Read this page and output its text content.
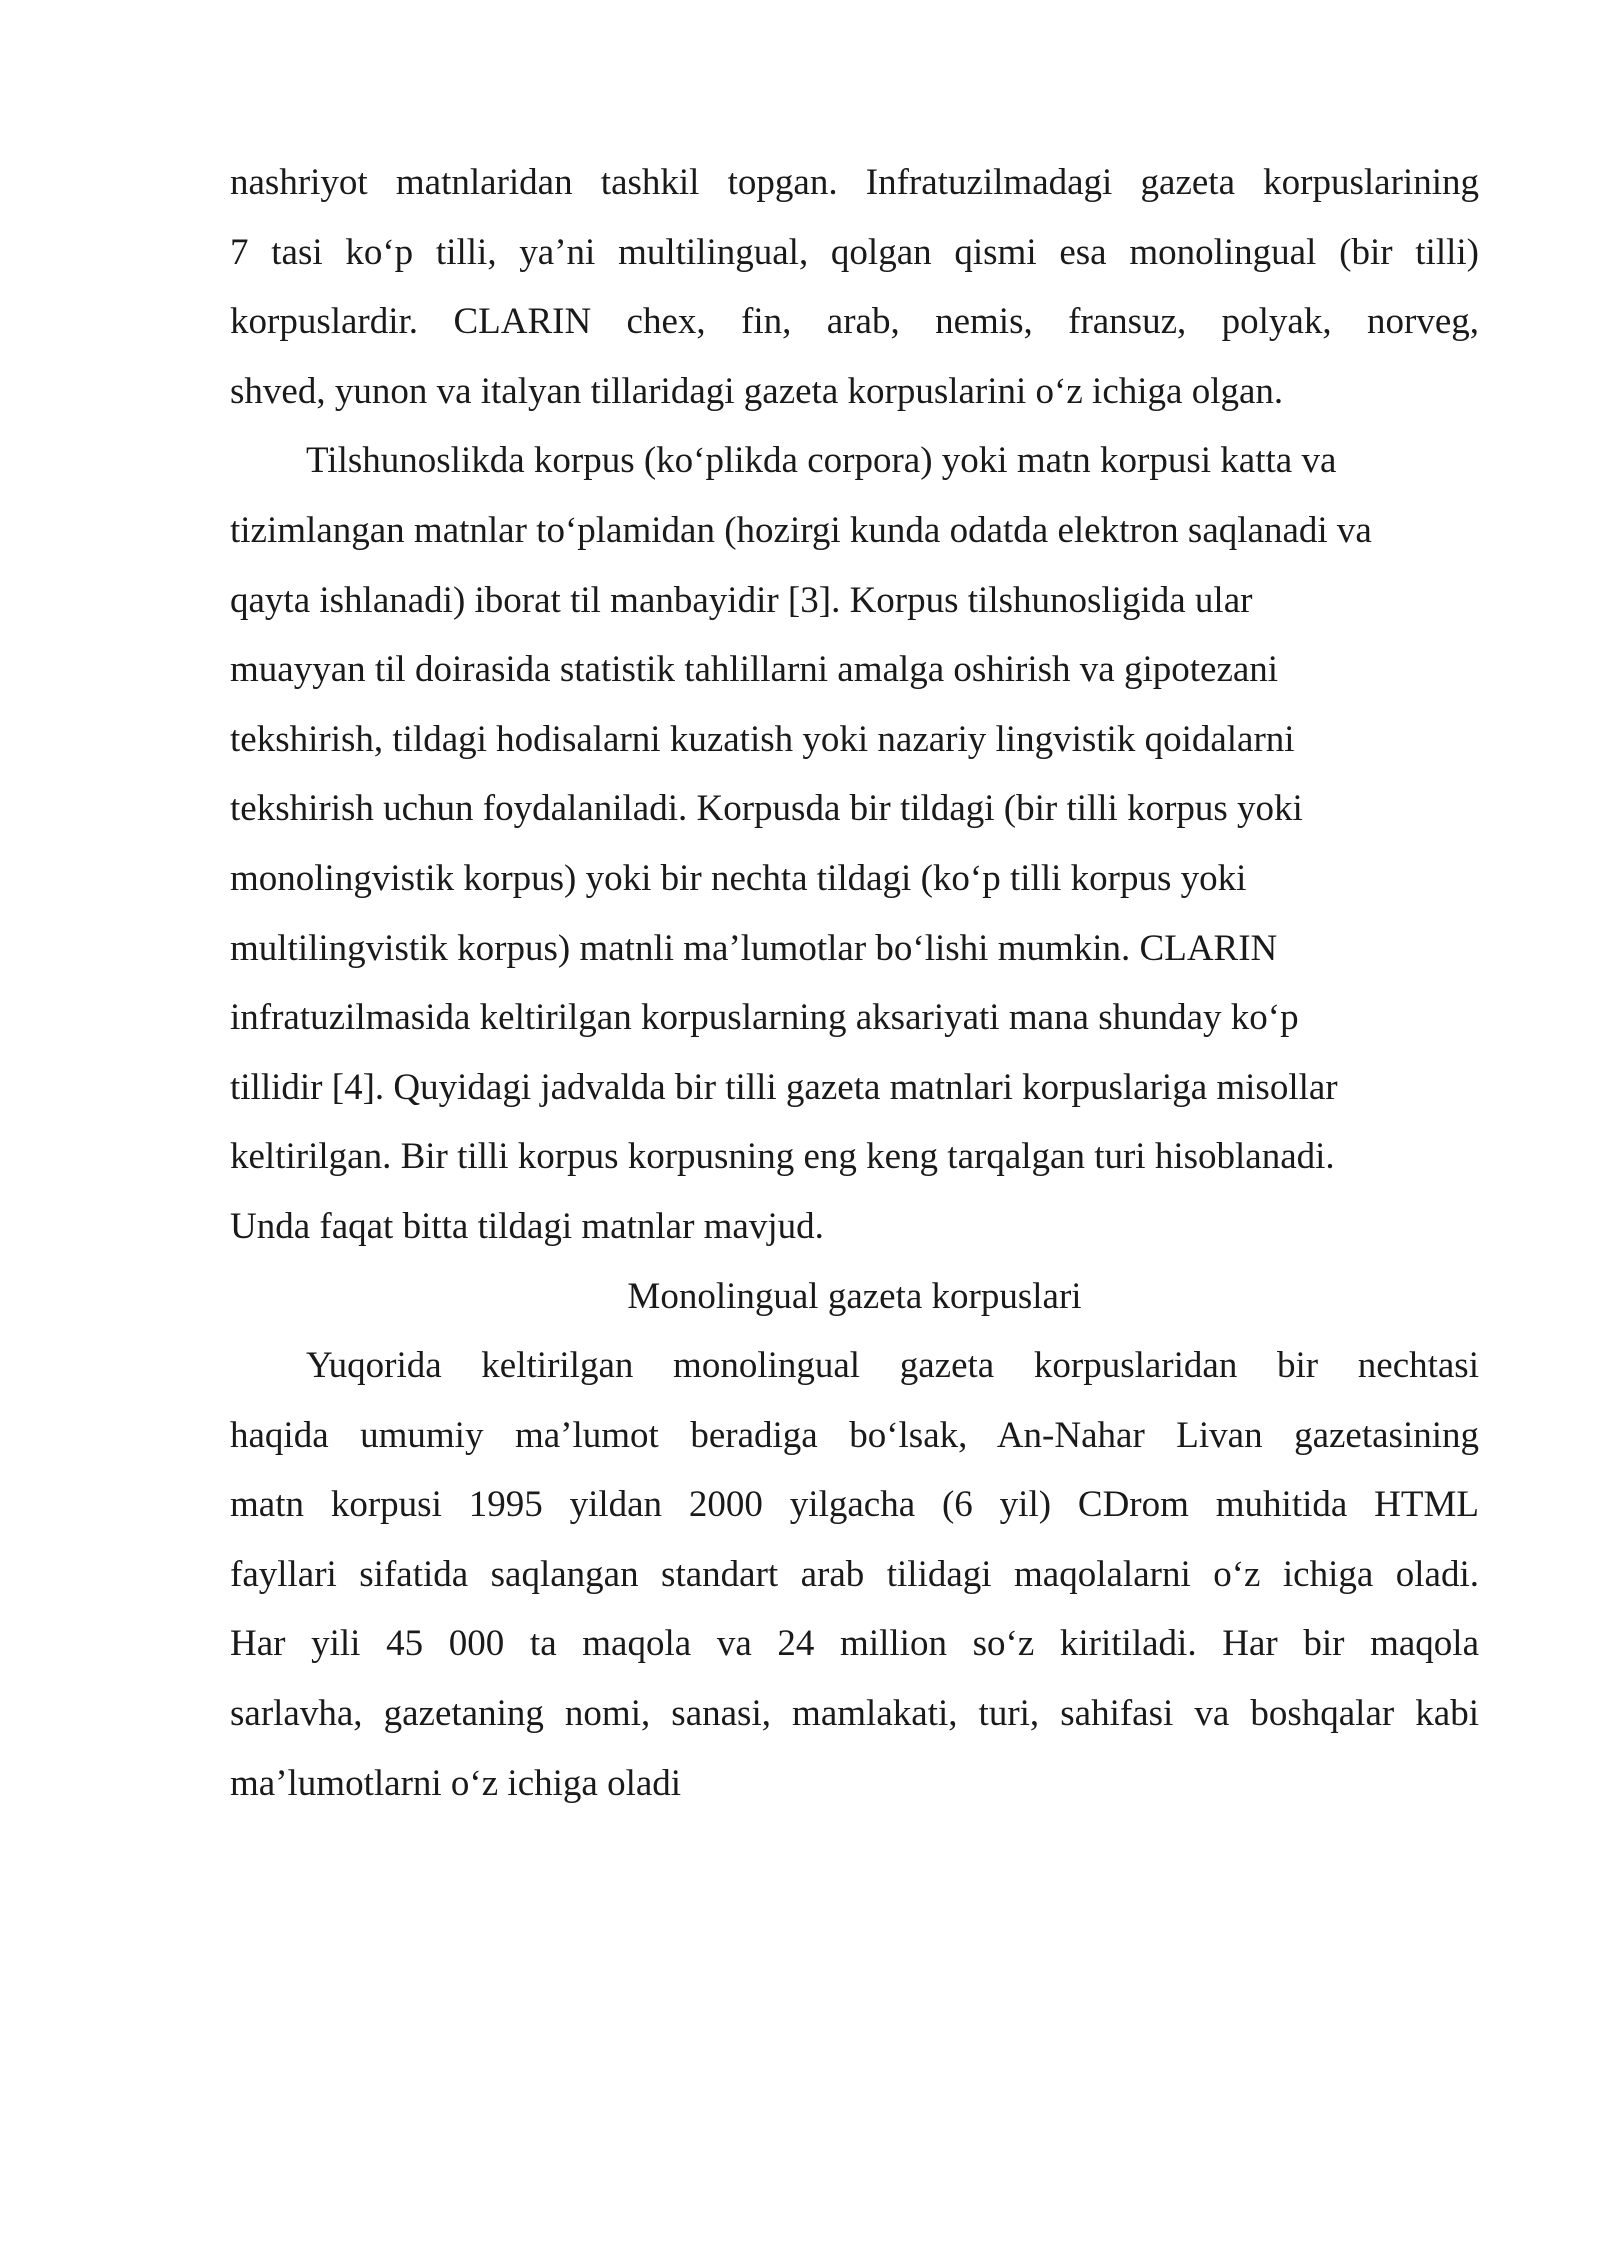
nashriyot matnlaridan tashkil topgan. Infratuzilmadagi gazeta korpuslarining
7 tasi ko‘p tilli, ya’ni multilingual, qolgan qismi esa monolingual (bir tilli)
korpuslardir. CLARIN chex, fin, arab, nemis, fransuz, polyak, norveg,
shved, yunon va italyan tillaridagi gazeta korpuslarini o‘z ichiga olgan.
Tilshunoslikda korpus (ko‘plikda corpora) yoki matn korpusi katta va
tizimlangan matnlar to‘plamidan (hozirgi kunda odatda elektron saqlanadi va
qayta ishlanadi) iborat til manbayidir [3]. Korpus tilshunosligida ular
muayyan til doirasida statistik tahlillarni amalga oshirish va gipotezani
tekshirish, tildagi hodisalarni kuzatish yoki nazariy lingvistik qoidalarni
tekshirish uchun foydalaniladi. Korpusda bir tildagi (bir tilli korpus yoki
monolingvistik korpus) yoki bir nechta tildagi (ko‘p tilli korpus yoki
multilingvistik korpus) matnli ma’lumotlar bo‘lishi mumkin. CLARIN
infratuzilmasida keltirilgan korpuslarning aksariyati mana shunday ko‘p
tillidir [4]. Quyidagi jadvalda bir tilli gazeta matnlari korpuslariga misollar
keltirilgan. Bir tilli korpus korpusning eng keng tarqalgan turi hisoblanadi.
Unda faqat bitta tildagi matnlar mavjud.
Monolingual gazeta korpuslari
Yuqorida keltirilgan monolingual gazeta korpuslaridan bir nechtasi
haqida umumiy ma’lumot beradiga bo‘lsak, An-Nahar Livan gazetasining
matn korpusi 1995 yildan 2000 yilgacha (6 yil) CDrom muhitida HTML
fayllari sifatida saqlangan standart arab tilidagi maqolalarni o‘z ichiga oladi.
Har yili 45 000 ta maqola va 24 million so‘z kiritiladi. Har bir maqola
sarlavha, gazetaning nomi, sanasi, mamlakati, turi, sahifasi va boshqalar kabi
ma’lumotlarni o‘z ichiga oladi
